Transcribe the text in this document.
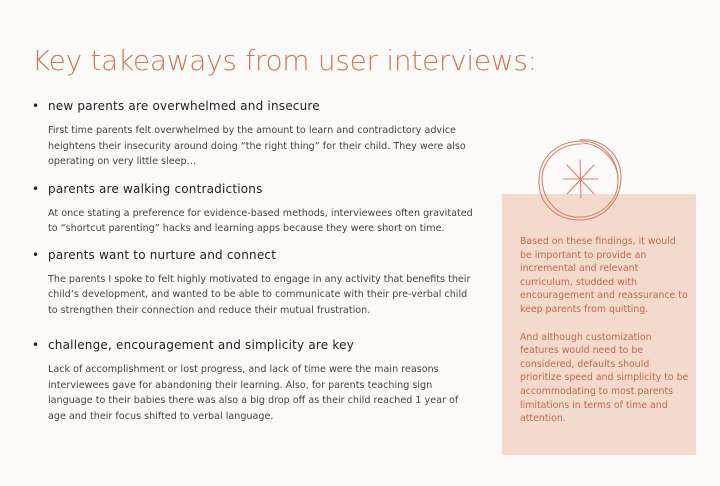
Key takeaways from user interviews:
• new parents are overwhelmed and insecure
First time parents felt overwhelmed by the amount to learn and contradictory advice heightens their insecurity around doing “the right thing” for their child. They were also operating on very little sleep…
• parents are walking contradictions
At once stating a preference for evidence-based methods, interviewees often gravitated to “shortcut parenting” hacks and learning apps because they were short on time.
• parents want to nurture and connect
The parents I spoke to felt highly motivated to engage in any activity that benefits their child’s development, and wanted to be able to communicate with their pre-verbal child to strengthen their connection and reduce their mutual frustration.
• challenge, encouragement and simplicity are key
Lack of accomplishment or lost progress, and lack of time were the main reasons interviewees gave for abandoning their learning. Also, for parents teaching sign language to their babies there was also a big drop off as their child reached 1 year of age and their focus shifted to verbal language.

Based on these findings, it would be important to provide an incremental and relevant curriculum, studded with encouragement and reassurance to keep parents from quitting.

And although customization features would need to be considered, defaults should prioritize speed and simplicity to be accommodating to most parents limitations in terms of time and attention.
